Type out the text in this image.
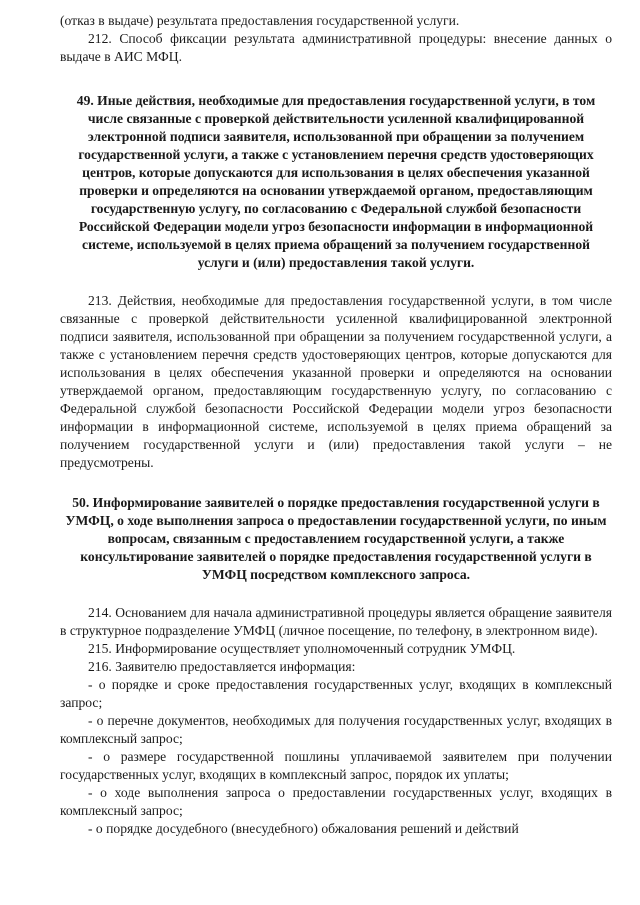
(отказ в выдаче) результата предоставления государственной услуги.

212. Способ фиксации результата административной процедуры: внесение данных о выдаче в АИС МФЦ.

49. Иные действия, необходимые для предоставления государственной услуги, в том числе связанные с проверкой действительности усиленной квалифицированной электронной подписи заявителя, использованной при обращении за получением государственной услуги, а также с установлением перечня средств удостоверяющих центров, которые допускаются для использования в целях обеспечения указанной проверки и определяются на основании утверждаемой органом, предоставляющим государственную услугу, по согласованию с Федеральной службой безопасности Российской Федерации модели угроз безопасности информации в информационной системе, используемой в целях приема обращений за получением государственной услуги и (или) предоставления такой услуги.

213. Действия, необходимые для предоставления государственной услуги, в том числе связанные с проверкой действительности усиленной квалифицированной электронной подписи заявителя, использованной при обращении за получением государственной услуги, а также с установлением перечня средств удостоверяющих центров, которые допускаются для использования в целях обеспечения указанной проверки и определяются на основании утверждаемой органом, предоставляющим государственную услугу, по согласованию с Федеральной службой безопасности Российской Федерации модели угроз безопасности информации в информационной системе, используемой в целях приема обращений за получением государственной услуги и (или) предоставления такой услуги – не предусмотрены.

50. Информирование заявителей о порядке предоставления государственной услуги в УМФЦ, о ходе выполнения запроса о предоставлении государственной услуги, по иным вопросам, связанным с предоставлением государственной услуги, а также консультирование заявителей о порядке предоставления государственной услуги в УМФЦ посредством комплексного запроса.

214. Основанием для начала административной процедуры является обращение заявителя в структурное подразделение УМФЦ (личное посещение, по телефону, в электронном виде).

215. Информирование осуществляет уполномоченный сотрудник УМФЦ.

216. Заявителю предоставляется информация:

- о порядке и сроке предоставления государственных услуг, входящих в комплексный запрос;

- о перечне документов, необходимых для получения государственных услуг, входящих в комплексный запрос;

- о размере государственной пошлины уплачиваемой заявителем при получении государственных услуг, входящих в комплексный запрос, порядок их уплаты;

- о ходе выполнения запроса о предоставлении государственных услуг, входящих в комплексный запрос;

- о порядке досудебного (внесудебного) обжалования решений и действий
